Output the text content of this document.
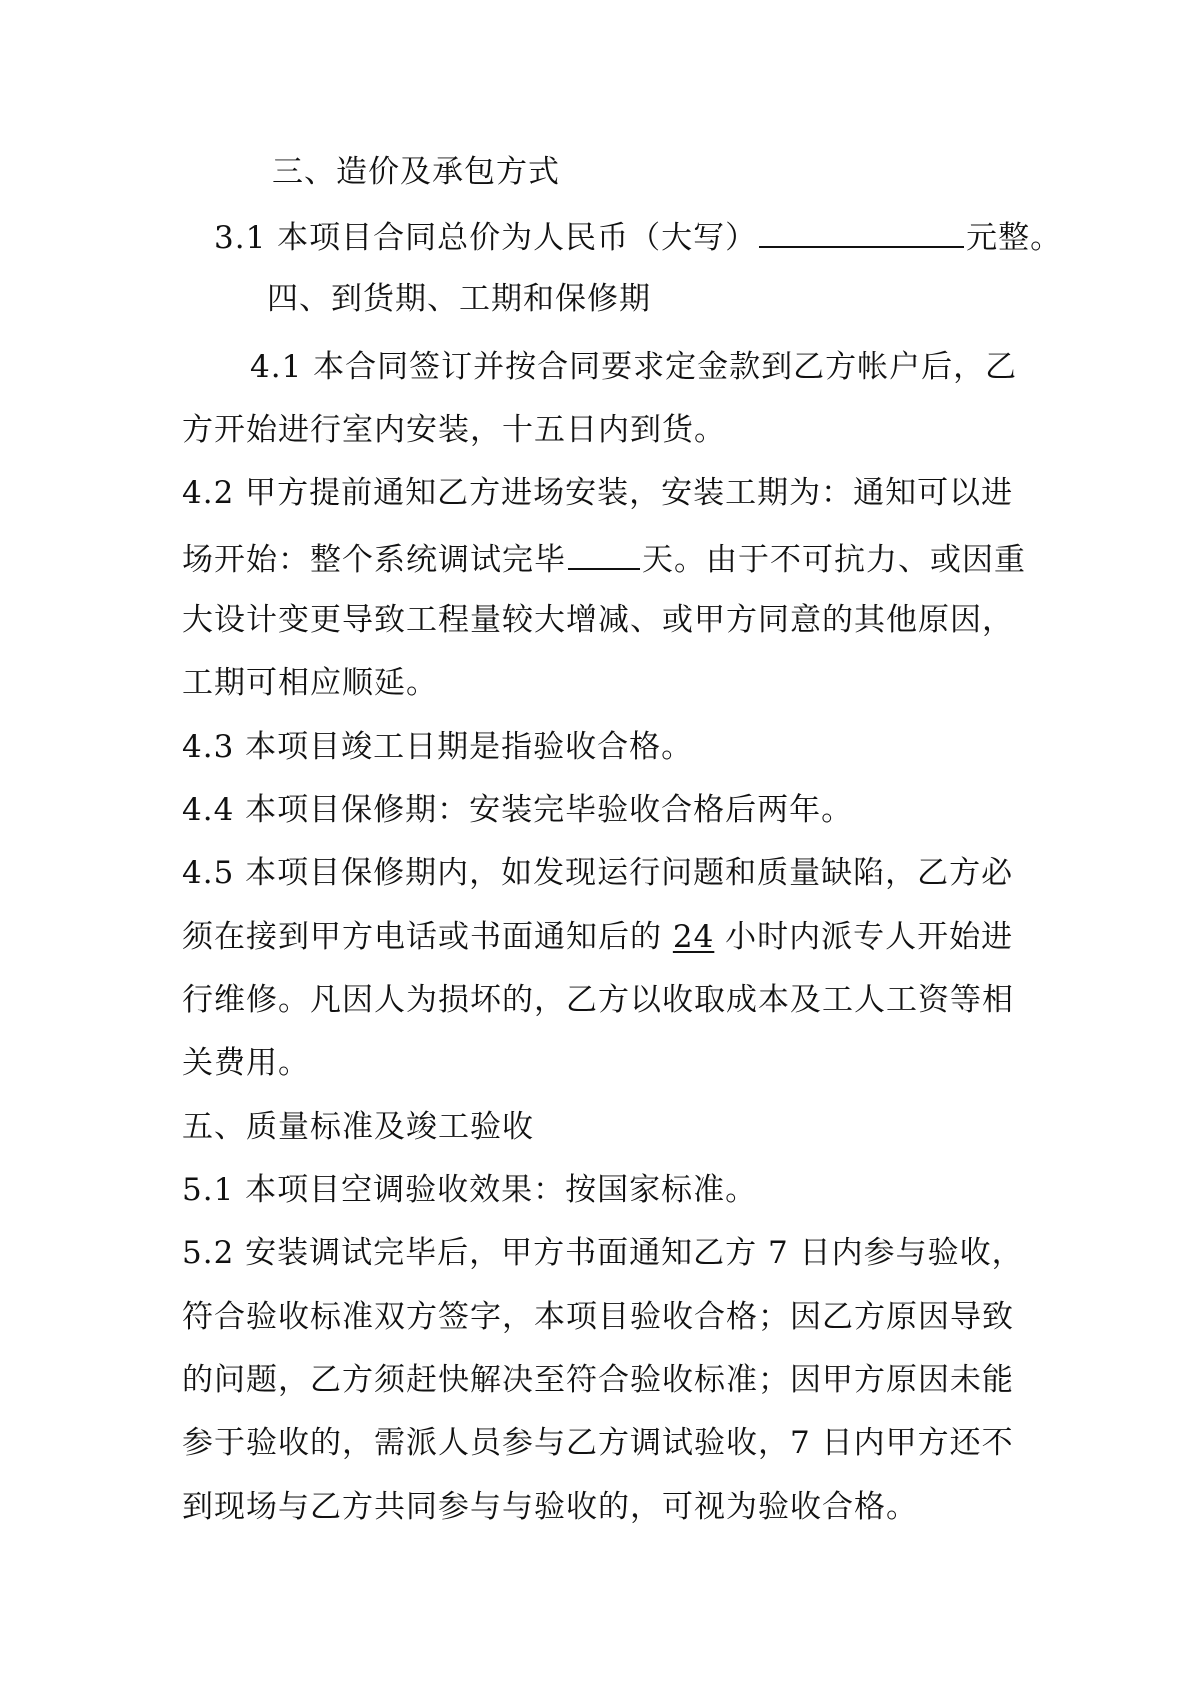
三、造价及承包方式
3.1 本项目合同总价为人民币（大写）	元整。
四、到货期、工期和保修期
4.1 本合同签订并按合同要求定金款到乙方帐户后，乙
方开始进行室内安装，十五日内到货。
4.2 甲方提前通知乙方进场安装，安装工期为：通知可以进
场开始：整个系统调试完毕 天。由于不可抗力、或因重
大设计变更导致工程量较大增减、或甲方同意的其他原因，
工期可相应顺延。
4.3 本项目竣工日期是指验收合格。
4.4 本项目保修期：安装完毕验收合格后两年。
4.5 本项目保修期内，如发现运行问题和质量缺陷，乙方必
须在接到甲方电话或书面通知后的 24 小时内派专人开始进
行维修。凡因人为损坏的，乙方以收取成本及工人工资等相
关费用。
五、质量标准及竣工验收
5.1 本项目空调验收效果：按国家标准。
5.2 安装调试完毕后，甲方书面通知乙方 7 日内参与验收，
符合验收标准双方签字，本项目验收合格；因乙方原因导致
的问题，乙方须赶快解决至符合验收标准；因甲方原因未能
参于验收的，需派人员参与乙方调试验收，7 日内甲方还不
到现场与乙方共同参与与验收的，可视为验收合格。
